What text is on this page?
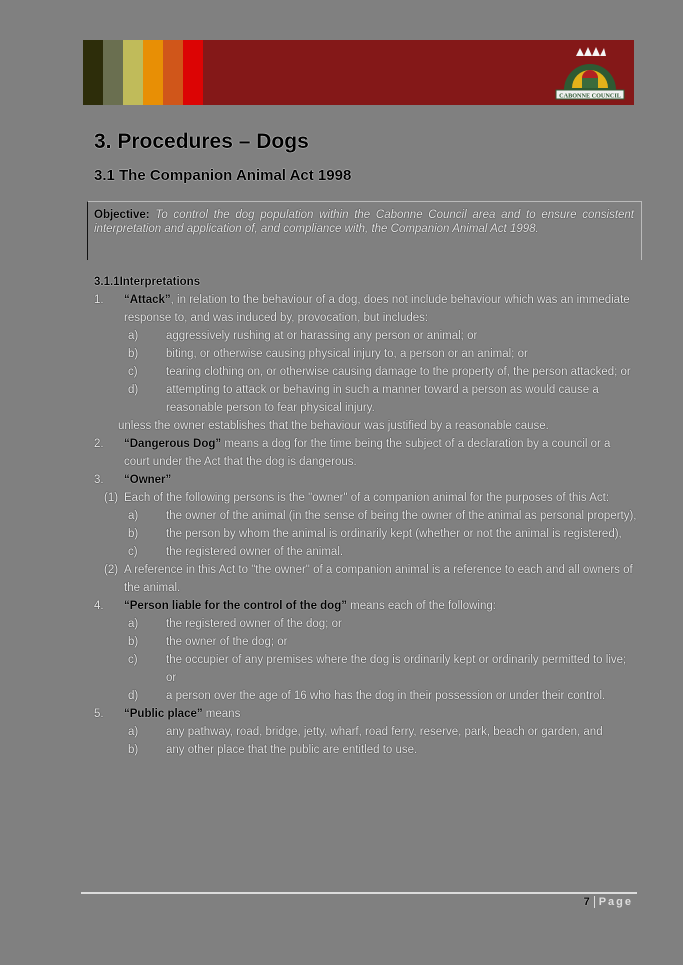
CABONNE COUNCIL
3. Procedures – Dogs
3.1 The Companion Animal Act 1998

Objective: To control the dog population within the Cabonne Council area and to ensure consistent interpretation and application of, and compliance with, the Companion Animal Act 1998.

3.1.1Interpretations
1.	“Attack”, in relation to the behaviour of a dog, does not include behaviour which was an immediate response to, and was induced by, provocation, but includes:
a) aggressively rushing at or harassing any person or animal; or
b) biting, or otherwise causing physical injury to, a person or an animal; or
c) tearing clothing on, or otherwise causing damage to the property of, the person attacked; or
d) attempting to attack or behaving in such a manner toward a person as would cause a reasonable person to fear physical injury.
unless the owner establishes that the behaviour was justified by a reasonable cause.
2.	“Dangerous Dog” means a dog for the time being the subject of a declaration by a council or a court under the Act that the dog is dangerous.
3.	“Owner”
(1) Each of the following persons is the "owner" of a companion animal for the purposes of this Act:
a) the owner of the animal (in the sense of being the owner of the animal as personal property),
b) the person by whom the animal is ordinarily kept (whether or not the animal is registered),
c) the registered owner of the animal.
(2) A reference in this Act to "the owner" of a companion animal is a reference to each and all owners of the animal.
4.	“Person liable for the control of the dog” means each of the following:
a) the registered owner of the dog; or
b) the owner of the dog; or
c) the occupier of any premises where the dog is ordinarily kept or ordinarily permitted to live; or
d) a person over the age of 16 who has the dog in their possession or under their control.
5.	“Public place” means
a) any pathway, road, bridge, jetty, wharf, road ferry, reserve, park, beach or garden, and
b) any other place that the public are entitled to use.
7 Page
